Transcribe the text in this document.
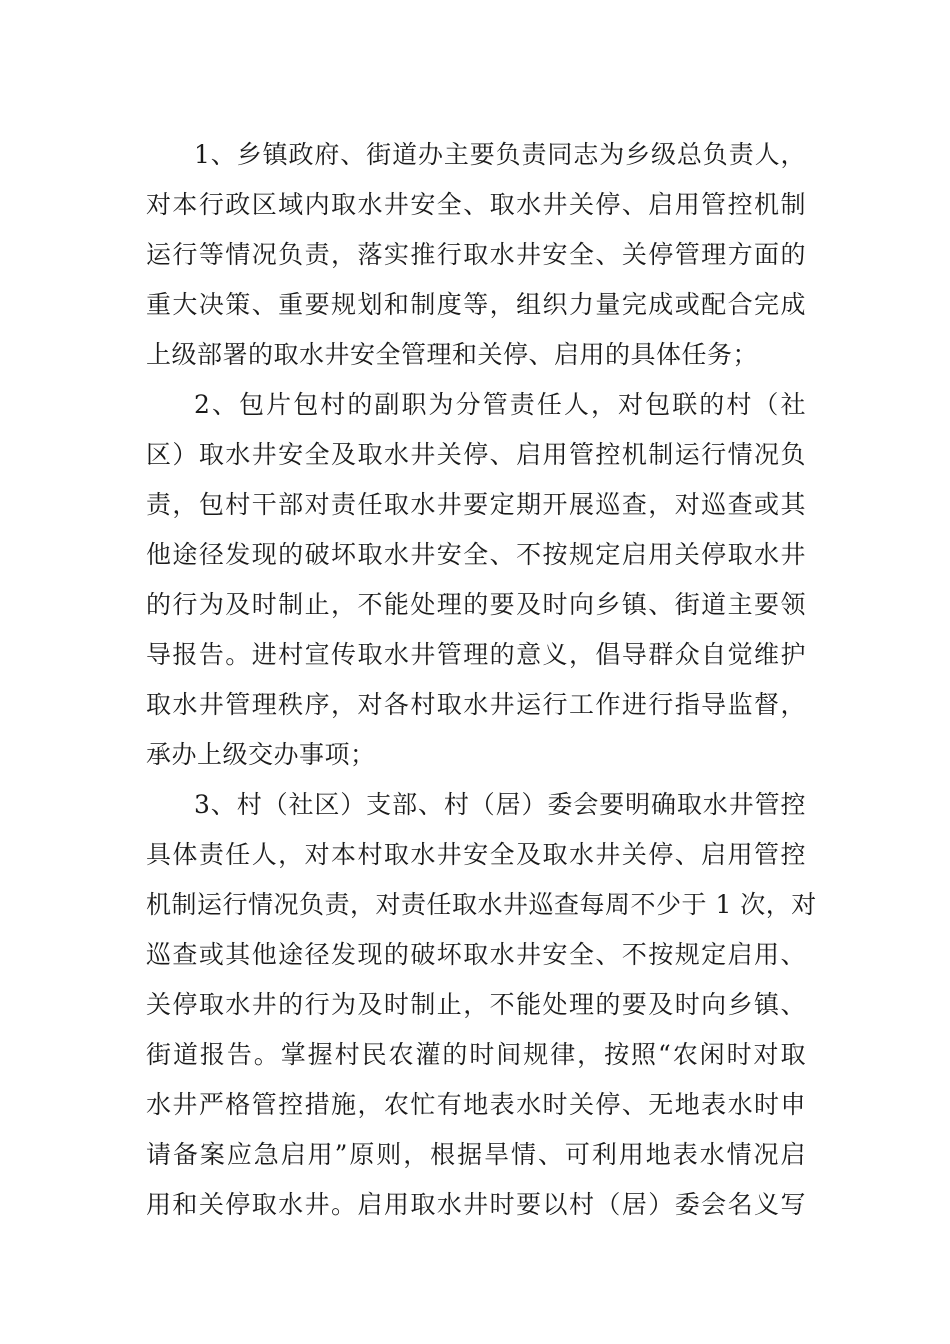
1、乡镇政府、街道办主要负责同志为乡级总负责人，
对本行政区域内取水井安全、取水井关停、启用管控机制
运行等情况负责，落实推行取水井安全、关停管理方面的
重大决策、重要规划和制度等，组织力量完成或配合完成
上级部署的取水井安全管理和关停、启用的具体任务；
2、包片包村的副职为分管责任人，对包联的村（社
区）取水井安全及取水井关停、启用管控机制运行情况负
责，包村干部对责任取水井要定期开展巡查，对巡查或其
他途径发现的破坏取水井安全、不按规定启用关停取水井
的行为及时制止，不能处理的要及时向乡镇、街道主要领
导报告。进村宣传取水井管理的意义，倡导群众自觉维护
取水井管理秩序，对各村取水井运行工作进行指导监督，
承办上级交办事项；
3、村（社区）支部、村（居）委会要明确取水井管控
具体责任人，对本村取水井安全及取水井关停、启用管控
机制运行情况负责，对责任取水井巡查每周不少于 1 次，对
巡查或其他途径发现的破坏取水井安全、不按规定启用、
关停取水井的行为及时制止，不能处理的要及时向乡镇、
街道报告。掌握村民农灌的时间规律，按照“农闲时对取
水井严格管控措施，农忙有地表水时关停、无地表水时申
请备案应急启用”原则，根据旱情、可利用地表水情况启
用和关停取水井。启用取水井时要以村（居）委会名义写
